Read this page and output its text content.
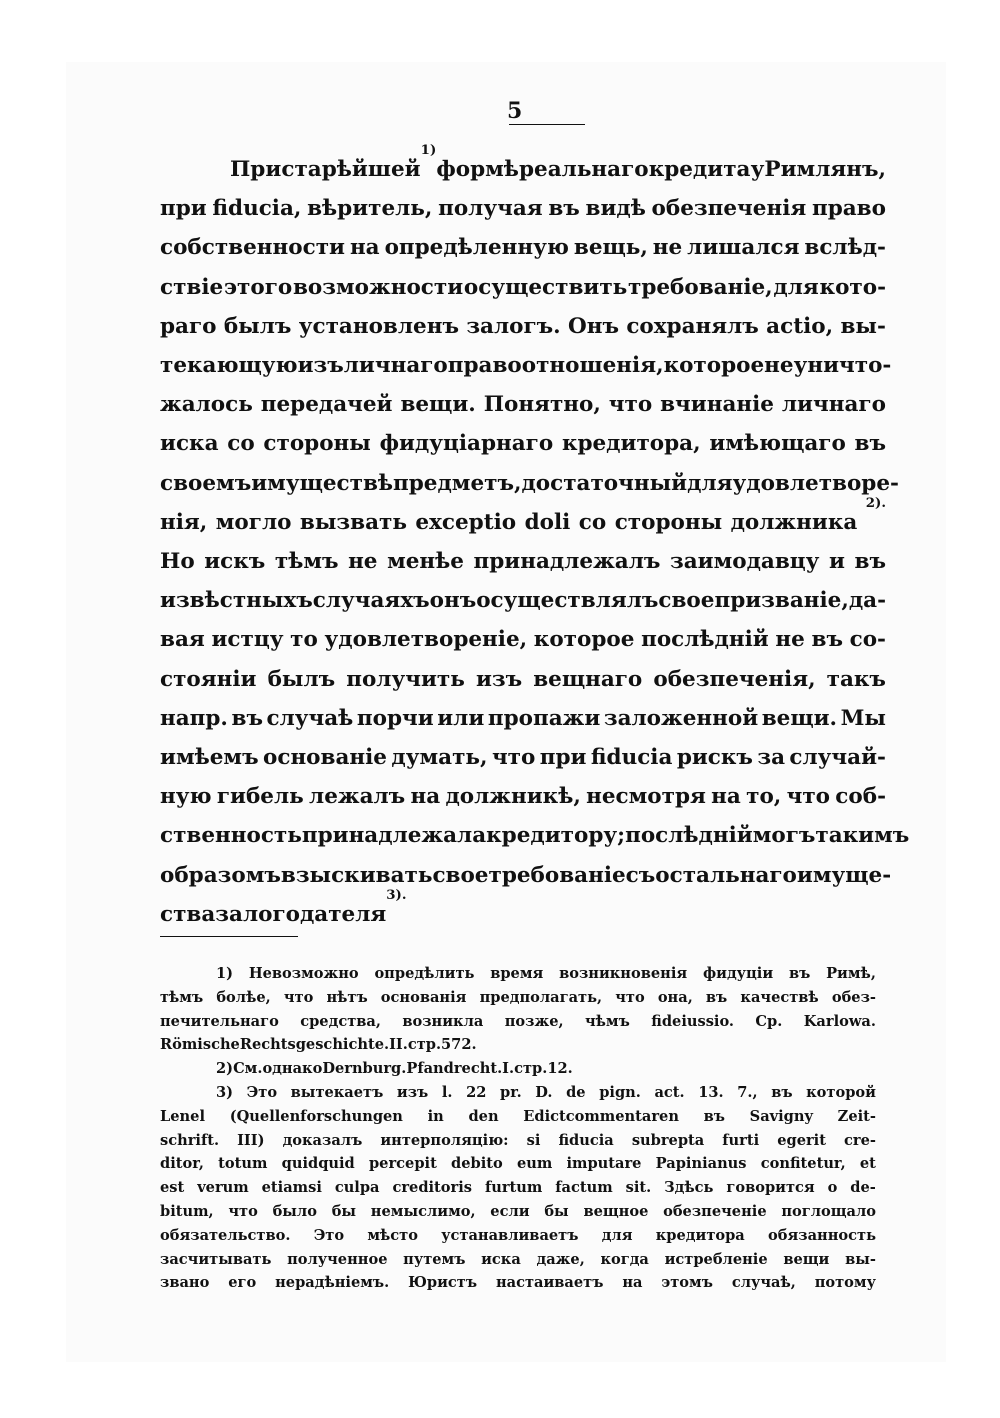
5
При старѣйшей
1)
формѣ реальнаго кредита у Римлянъ,
при fiducia, вѣритель, получая въ видѣ обезпеченія право
собственности на опредѣленную вещь, не лишался вслѣд-
ствіе этого возможности осуществить требованіе, для кото-
раго былъ установленъ залогъ. Онъ сохранялъ actio, вы-
текающую изъ личнаго правоотношенія, которое не уничто-
жалось передачей вещи. Понятно, что вчинаніе личнаго
иска со стороны фидуціарнаго кредитора, имѣющаго въ
своемъ имуществѣ предметъ, достаточный для удовлетворе-
нія, могло вызвать exceptio doli со стороны должника
2).
Но искъ тѣмъ не менѣе принадлежалъ заимодавцу и въ
извѣстныхъ случаяхъ онъ осуществлялъ свое призваніе, да-
вая истцу то удовлетвореніе, которое послѣдній не въ со-
стояніи былъ получить изъ вещнаго обезпеченія, такъ
напр. въ случаѣ порчи или пропажи заложенной вещи. Мы
имѣемъ основаніе думать, что при fiducia рискъ за случай-
ную гибель лежалъ на должникѣ, несмотря на то, что соб-
ственность принадлежала кредитору; послѣдній могъ такимъ
образомъ взыскивать свое требованіе съ остальнаго имуще-
ства залогодателя
3).
1) Невозможно опредѣлить время возникновенія фидуціи въ Римѣ,
тѣмъ болѣе, что нѣтъ основанія предполагать, что она, въ качествѣ обез-
печительнаго средства, возникла позже, чѣмъ fideiussio. Ср. Karlowa.
Römische Rechtsgeschichte. II. стр. 572.
2) См. однако Dernburg. Pfandrecht. I. стр. 12.
3) Это вытекаетъ изъ l. 22 pr. D. de pign. act. 13. 7., въ которой
Lenel (Quellenforschungen in den Edictcommentaren въ Savigny Zeit-
schrift. III) доказалъ интерполяцію: si fiducia subrepta furti egerit cre-
ditor, totum quidquid percepit debito eum imputare Papinianus confitetur, et
est verum etiamsi culpa creditoris furtum factum sit. Здѣсь говорится о de-
bitum, что было бы немыслимо, если бы вещное обезпеченіе поглощало
обязательство. Это мѣсто устанавливаетъ для кредитора обязанность
засчитывать полученное путемъ иска даже, когда истребленіе вещи вы-
звано его нерадѣніемъ. Юристъ настаиваетъ на этомъ случаѣ, потому
